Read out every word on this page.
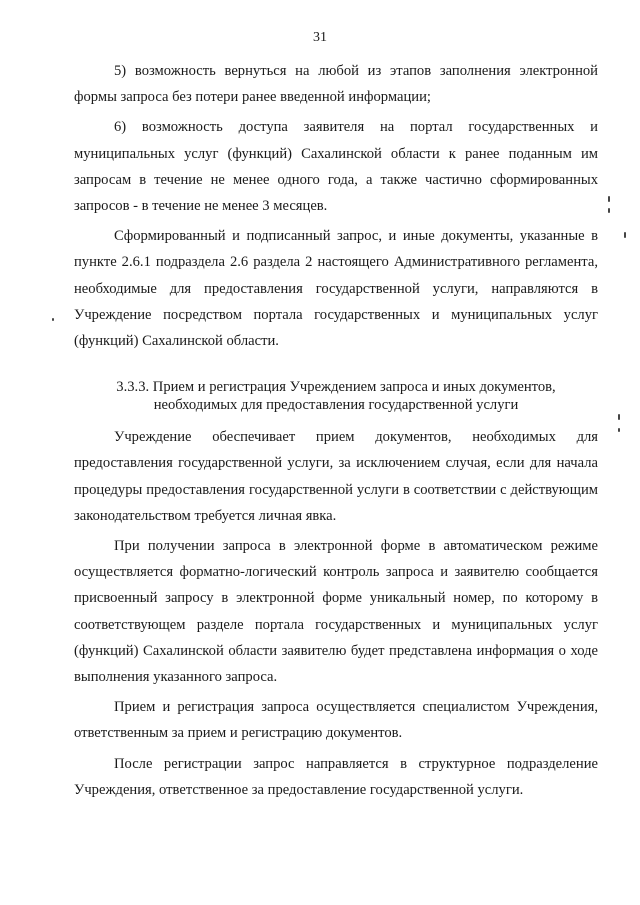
31

5) возможность вернуться на любой из этапов заполнения электронной формы запроса без потери ранее введенной информации;

6) возможность доступа заявителя на портал государственных и муниципальных услуг (функций) Сахалинской области к ранее поданным им запросам в течение не менее одного года, а также частично сформированных запросов - в течение не менее 3 месяцев.

Сформированный и подписанный запрос, и иные документы, указанные в пункте 2.6.1 подраздела 2.6 раздела 2 настоящего Административного регламента, необходимые для предоставления государственной услуги, направляются в Учреждение посредством портала государственных и муниципальных услуг (функций) Сахалинской области.

3.3.3. Прием и регистрация Учреждением запроса и иных документов,
необходимых для предоставления государственной услуги

Учреждение обеспечивает прием документов, необходимых для предоставления государственной услуги, за исключением случая, если для начала процедуры предоставления государственной услуги в соответствии с действующим законодательством требуется личная явка.

При получении запроса в электронной форме в автоматическом режиме осуществляется форматно-логический контроль запроса и заявителю сообщается присвоенный запросу в электронной форме уникальный номер, по которому в соответствующем разделе портала государственных и муниципальных услуг (функций) Сахалинской области заявителю будет представлена информация о ходе выполнения указанного запроса.

Прием и регистрация запроса осуществляется специалистом Учреждения, ответственным за прием и регистрацию документов.

После регистрации запрос направляется в структурное подразделение Учреждения, ответственное за предоставление государственной услуги.
